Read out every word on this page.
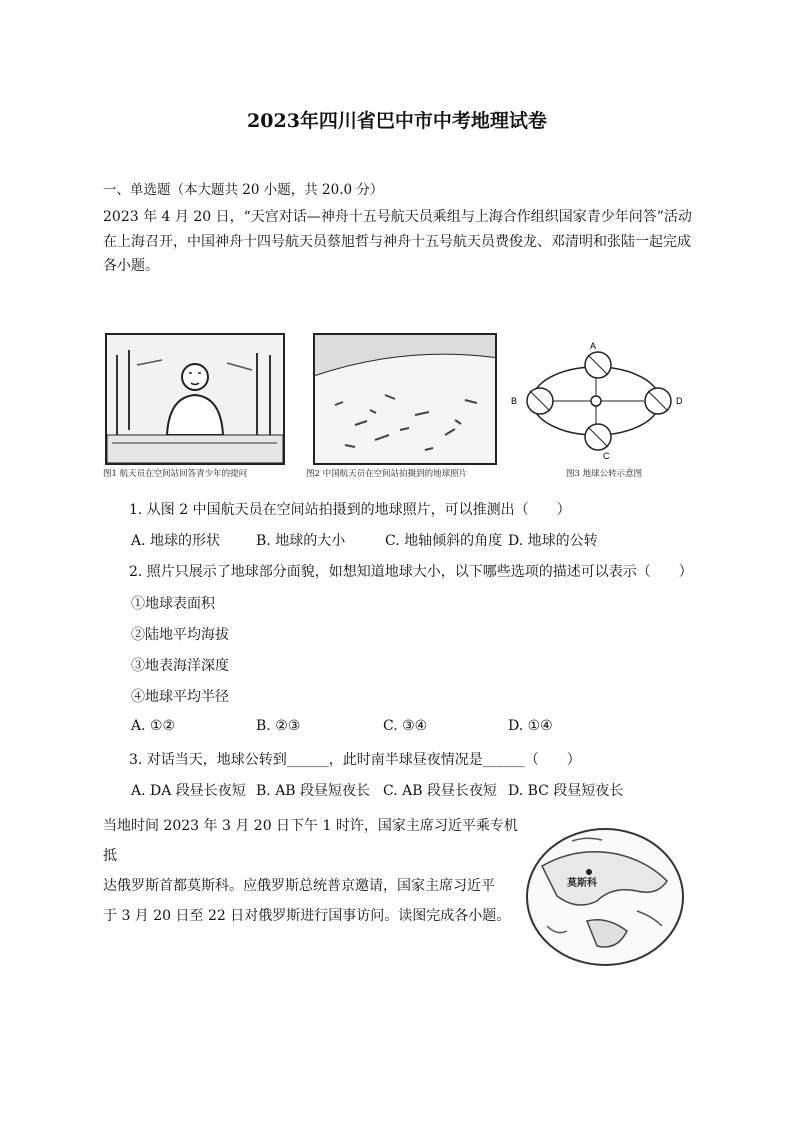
2023年四川省巴中市中考地理试卷
一、单选题（本大题共 20 小题，共 20.0 分）
2023 年 4 月 20 日，“天宫对话—神舟十五号航天员乘组与上海合作组织国家青少年问答”活动
在上海召开，中国神舟十四号航天员蔡旭哲与神舟十五号航天员费俊龙、邓清明和张陆一起完成
各小题。
图1 航天员在空间站回答青少年的提问	图2 中国航天员在空间站拍摄到的地球照片
A
B
C
D
图3 地球公转示意图
1. 从图 2 中国航天员在空间站拍摄到的地球照片，可以推测出（　　）
A. 地球的形状	B. 地球的大小	C. 地轴倾斜的角度 D. 地球的公转
2. 照片只展示了地球部分面貌，如想知道地球大小，以下哪些选项的描述可以表示（　　）
①地球表面积
②陆地平均海拔
③地表海洋深度
④地球平均半径
A. ①②	B. ②③	C. ③④	D. ①④
3. 对话当天，地球公转到______，此时南半球昼夜情况是______（　　）
A. DA 段昼长夜短 B. AB 段昼短夜长 C. AB 段昼长夜短 D. BC 段昼短夜长
当地时间 2023 年 3 月 20 日下午 1 时许，国家主席习近平乘专机抵
达俄罗斯首都莫斯科。应俄罗斯总统普京邀请，国家主席习近平
于 3 月 20 日至 22 日对俄罗斯进行国事访问。读图完成各小题。
莫斯科
